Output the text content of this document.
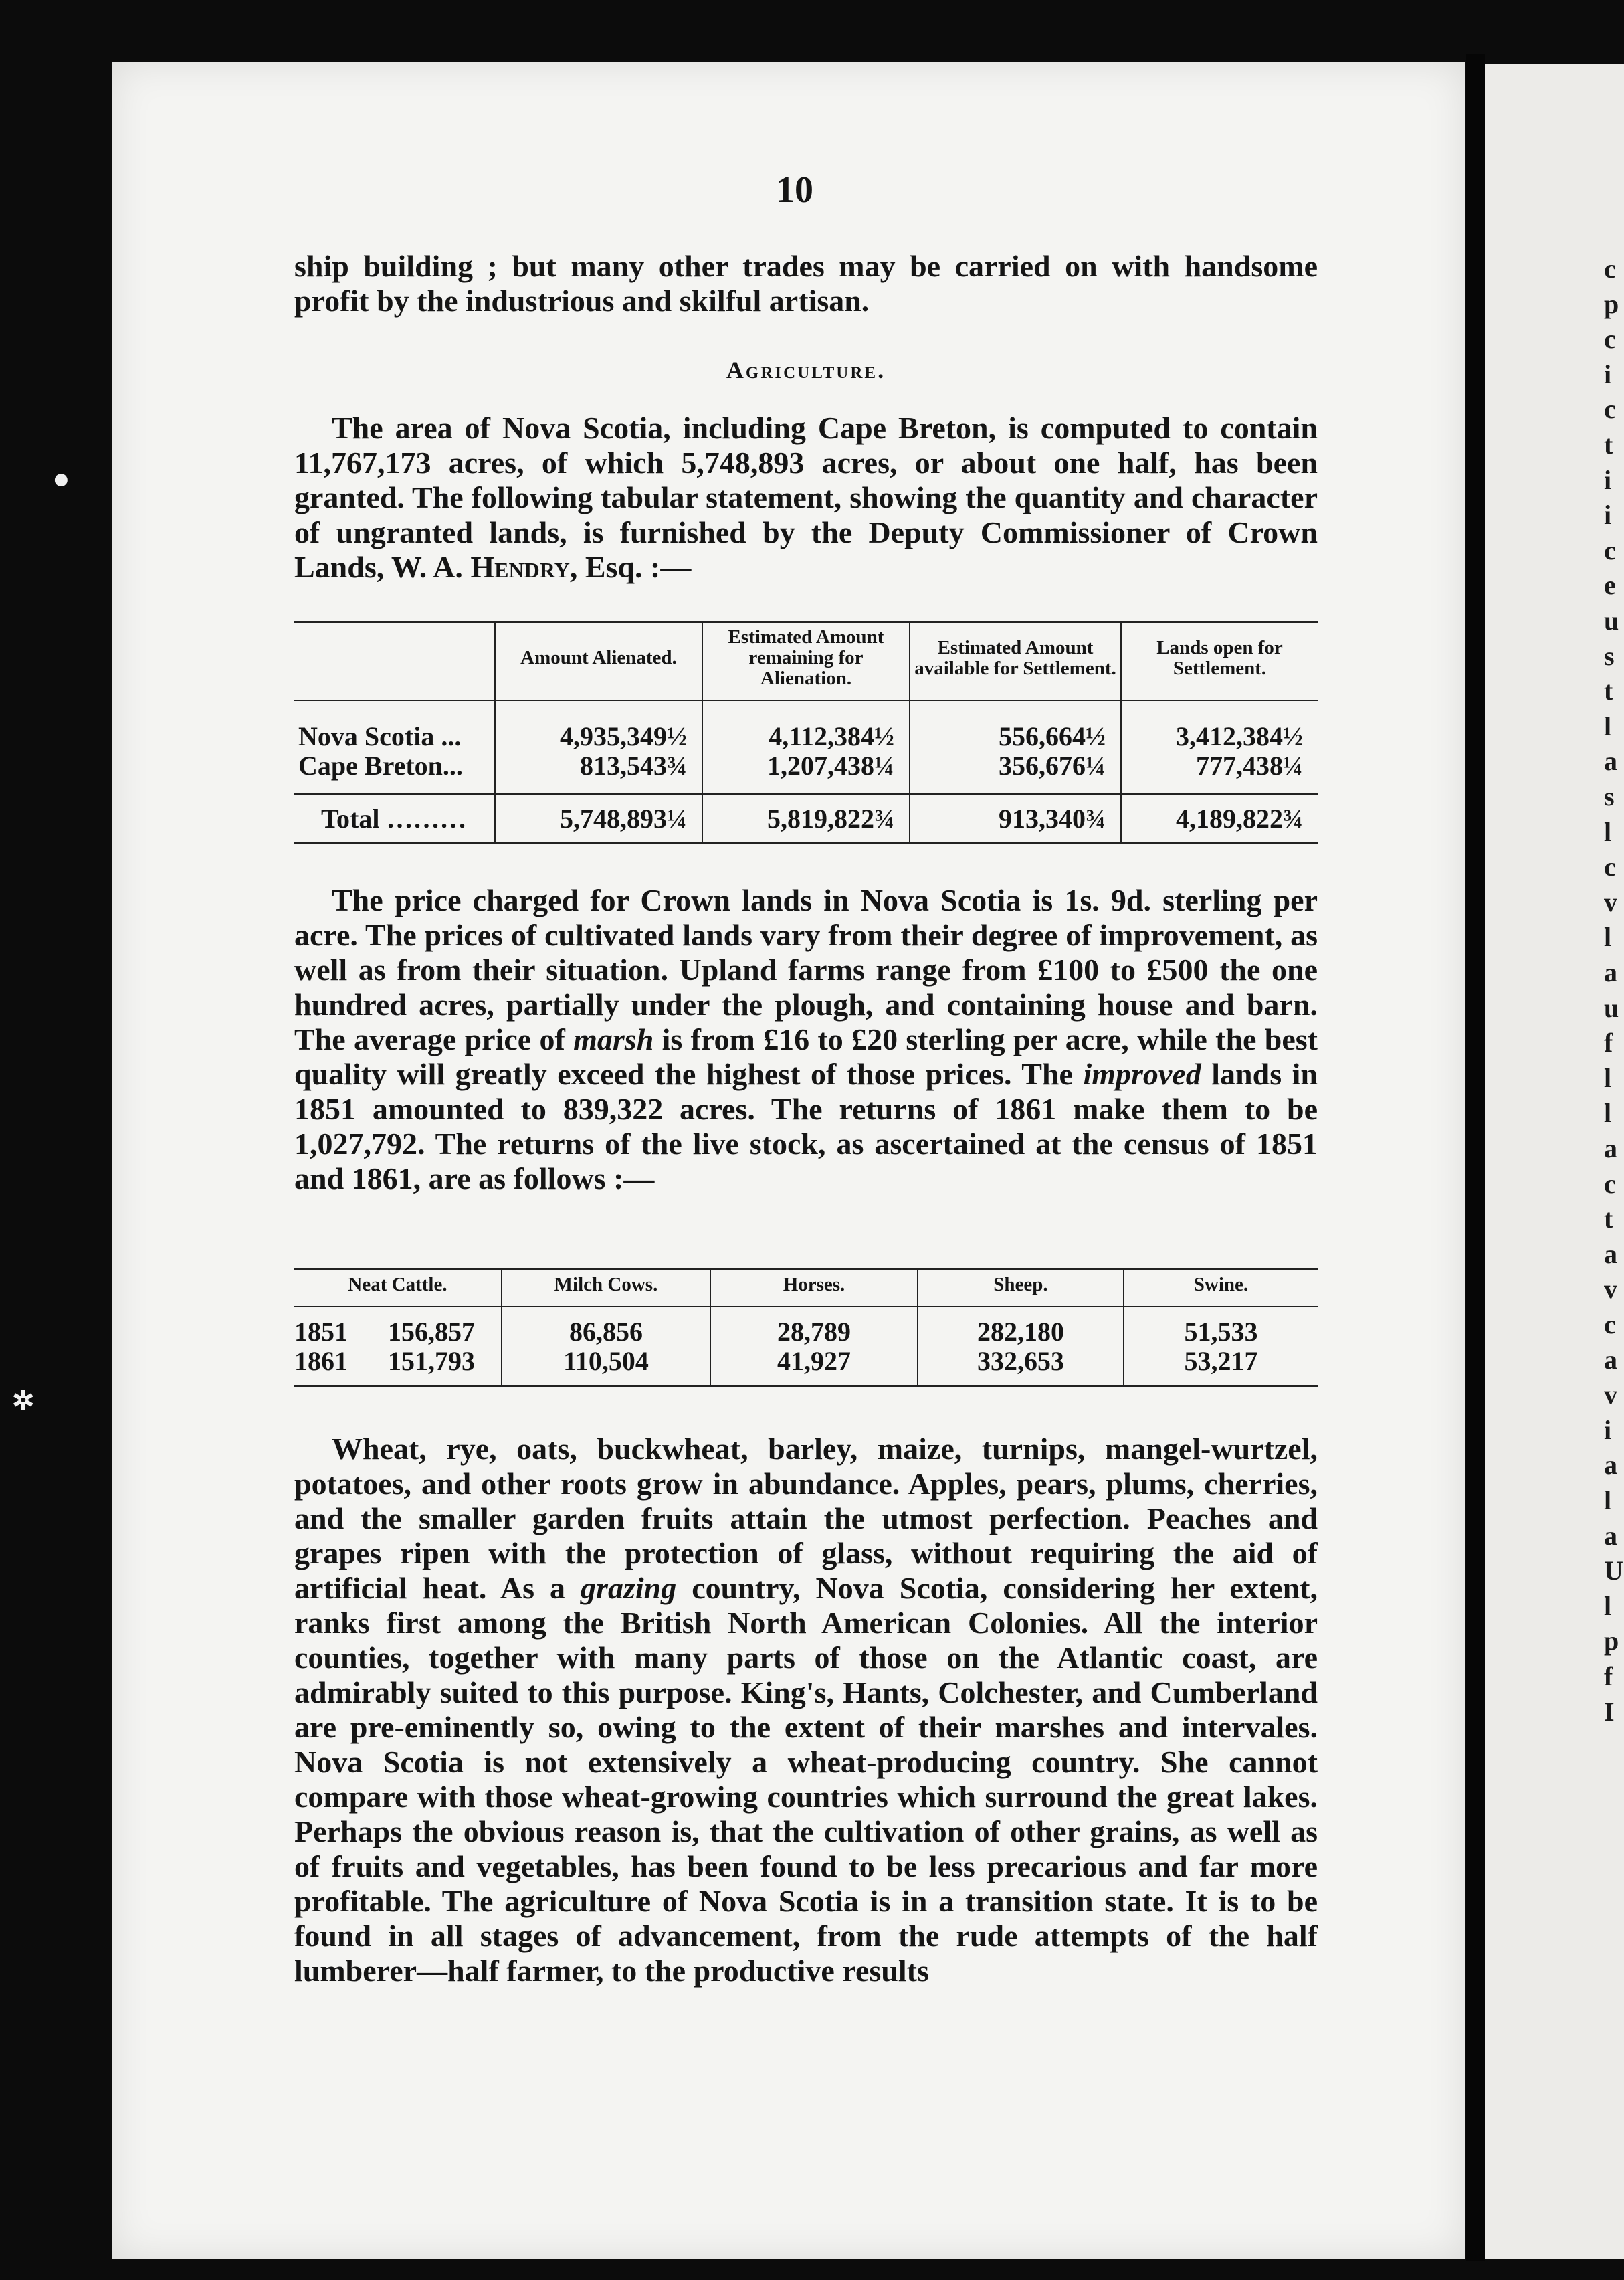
c
p
c
i
c
t
i
i
c
e
u
s
t
l
a
s
l
c
v
l
a
u
f
l
l
a
c
t
a
v
c
a
v
i
a
l
a
U
l
p
f
I
●
✲
10

ship building ; but many other trades may be carried on with handsome profit by the industrious and skilful artisan.

Agriculture.

The area of Nova Scotia, including Cape Breton, is computed to contain 11,767,173 acres, of which 5,748,893 acres, or about one half, has been granted. The following tabular statement, showing the quantity and character of ungranted lands, is furnished by the Deputy Commissioner of Crown Lands, W. A. Hendry, Esq. :—

	Amount Alienated.	Estimated Amount remaining for Alienation.	Estimated Amount available for Settlement.	Lands open for Settlement.

Nova Scotia ...	4,935,349½	4,112,384½	556,664½	3,412,384½
Cape Breton...	813,543¾	1,207,438¼	356,676¼	777,438¼

Total ………	5,748,893¼	5,819,822¾	913,340¾	4,189,822¾

The price charged for Crown lands in Nova Scotia is 1s. 9d. sterling per acre. The prices of cultivated lands vary from their degree of improvement, as well as from their situation. Upland farms range from £100 to £500 the one hundred acres, partially under the plough, and containing house and barn. The average price of marsh is from £16 to £20 sterling per acre, while the best quality will greatly exceed the highest of those prices. The improved lands in 1851 amounted to 839,322 acres. The returns of 1861 make them to be 1,027,792. The returns of the live stock, as ascertained at the census of 1851 and 1861, are as follows :—

Neat Cattle.	Milch Cows.	Horses.	Sheep.	Swine.

1851 156,857	86,856	28,789	282,180	51,533
1861 151,793	110,504	41,927	332,653	53,217

Wheat, rye, oats, buckwheat, barley, maize, turnips, mangel-wurtzel, potatoes, and other roots grow in abundance. Apples, pears, plums, cherries, and the smaller garden fruits attain the utmost perfection. Peaches and grapes ripen with the protection of glass, without requiring the aid of artificial heat. As a grazing country, Nova Scotia, considering her extent, ranks first among the British North American Colonies. All the interior counties, together with many parts of those on the Atlantic coast, are admirably suited to this purpose. King's, Hants, Colchester, and Cumberland are pre-eminently so, owing to the extent of their marshes and intervales. Nova Scotia is not extensively a wheat-producing country. She cannot compare with those wheat-growing countries which surround the great lakes. Perhaps the obvious reason is, that the cultivation of other grains, as well as of fruits and vegetables, has been found to be less precarious and far more profitable. The agriculture of Nova Scotia is in a transition state. It is to be found in all stages of advancement, from the rude attempts of the half lumberer—half farmer, to the productive results
